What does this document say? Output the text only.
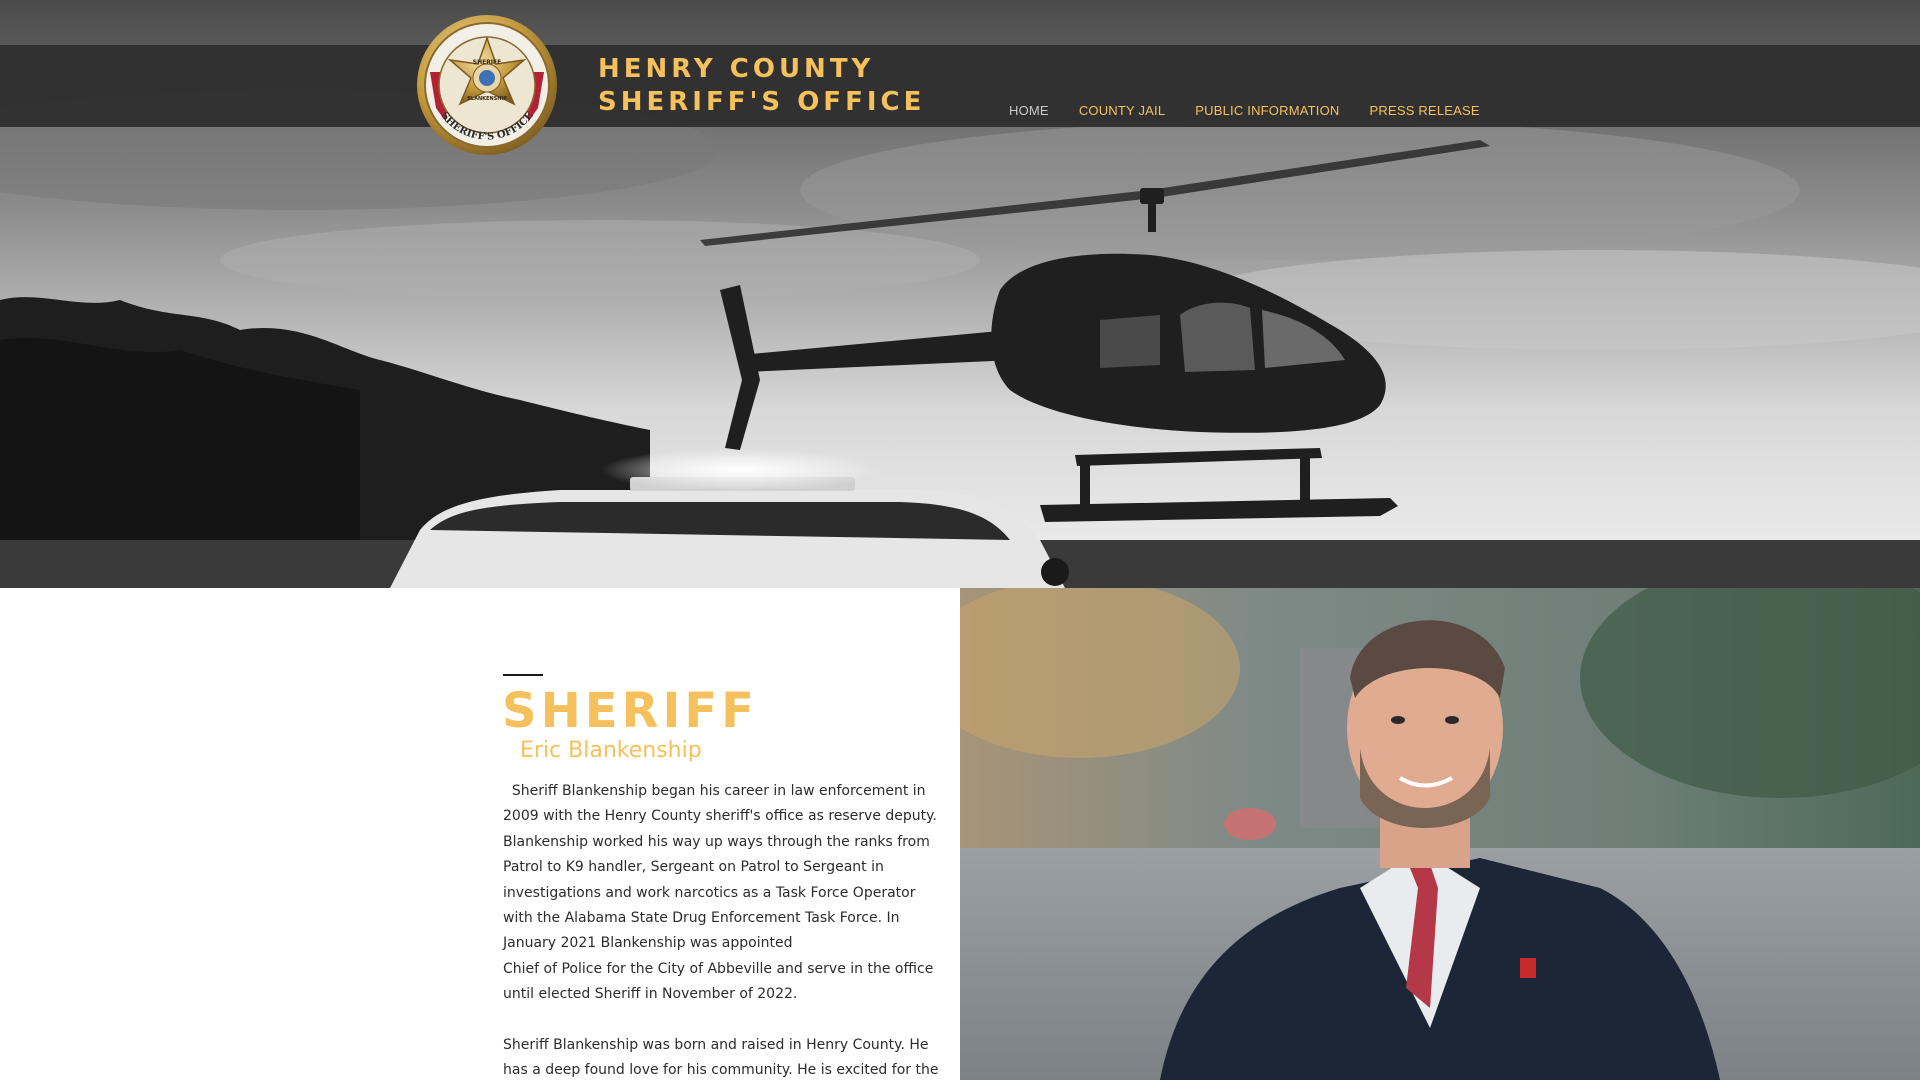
SHERIFF'S OFFICE
SHERIFF
BLANKENSHIP
HENRY COUNTY
SHERIFF'S OFFICE	HOME	COUNTY JAIL	PUBLIC INFORMATION	PRESS RELEASE
SHERIFF
Eric Blankenship

Sheriff Blankenship began his career in law enforcement in 2009 with the Henry County sheriff's office as reserve deputy. Blankenship worked his way up ways through the ranks from Patrol to K9 handler, Sergeant on Patrol to Sergeant in investigations and work narcotics as a Task Force Operator with the Alabama State Drug Enforcement Task Force. In January 2021 Blankenship was appointed

Chief of Police for the City of Abbeville and serve in the office until elected Sheriff in November of 2022.

Sheriff Blankenship was born and raised in Henry County. He has a deep found love for his community. He is excited for the
